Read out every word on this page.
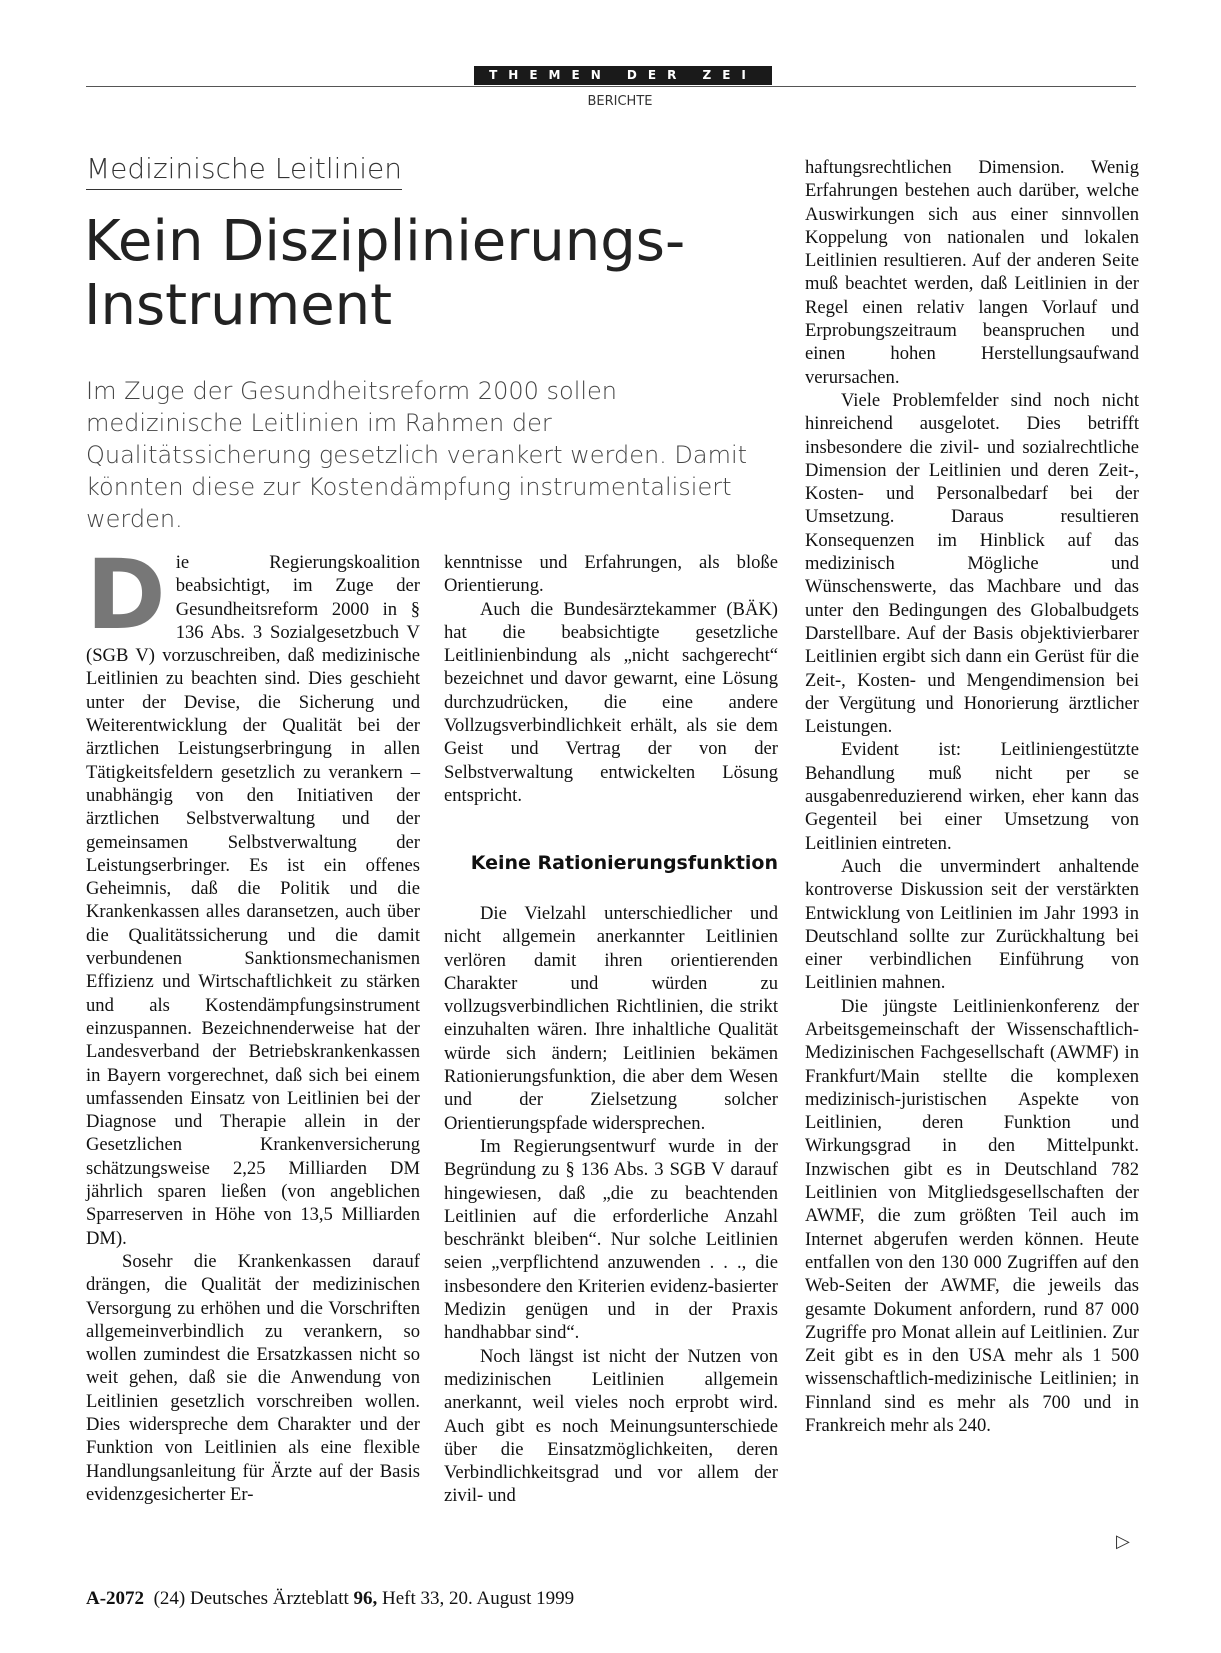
THEMEN DER ZEI
BERICHTE
Medizinische Leitlinien
Kein Disziplinierungs-
Instrument
Im Zuge der Gesundheitsreform 2000 sollen medizinische Leitlinien im Rahmen der Qualitätssicherung gesetzlich verankert werden. Damit könnten diese zur Kostendämpfung instrumentalisiert werden.

Die Regierungskoalition beabsichtigt, im Zuge der Gesundheitsreform 2000 in § 136 Abs. 3 Sozialgesetzbuch V (SGB V) vorzuschreiben, daß medizinische Leitlinien zu beachten sind. Dies geschieht unter der Devise, die Sicherung und Weiterentwicklung der Qualität bei der ärztlichen Leistungserbringung in allen Tätigkeitsfeldern gesetzlich zu verankern – unabhängig von den Initiativen der ärztlichen Selbstverwaltung und der gemeinsamen Selbstverwaltung der Leistungserbringer. Es ist ein offenes Geheimnis, daß die Politik und die Krankenkassen alles daransetzen, auch über die Qualitätssicherung und die damit verbundenen Sanktionsmechanismen Effizienz und Wirtschaftlichkeit zu stärken und als Kostendämpfungsinstrument einzuspannen. Bezeichnenderweise hat der Landesverband der Betriebskrankenkassen in Bayern vorgerechnet, daß sich bei einem umfassenden Einsatz von Leitlinien bei der Diagnose und Therapie allein in der Gesetzlichen Krankenversicherung schätzungsweise 2,25 Milliarden DM jährlich sparen ließen (von angeblichen Sparreserven in Höhe von 13,5 Milliarden DM).

Sosehr die Krankenkassen darauf drängen, die Qualität der medizinischen Versorgung zu erhöhen und die Vorschriften allgemeinverbindlich zu verankern, so wollen zumindest die Ersatzkassen nicht so weit gehen, daß sie die Anwendung von Leitlinien gesetzlich vorschreiben wollen. Dies widerspreche dem Charakter und der Funktion von Leitlinien als eine flexible Handlungsanleitung für Ärzte auf der Basis evidenzgesicherter Er-

kenntnisse und Erfahrungen, als bloße Orientierung.

Auch die Bundesärztekammer (BÄK) hat die beabsichtigte gesetzliche Leitlinienbindung als „nicht sachgerecht“ bezeichnet und davor gewarnt, eine Lösung durchzudrücken, die eine andere Vollzugsverbindlichkeit erhält, als sie dem Geist und Vertrag der von der Selbstverwaltung entwickelten Lösung entspricht.

Keine Rationierungsfunktion

Die Vielzahl unterschiedlicher und nicht allgemein anerkannter Leitlinien verlören damit ihren orientierenden Charakter und würden zu vollzugsverbindlichen Richtlinien, die strikt einzuhalten wären. Ihre inhaltliche Qualität würde sich ändern; Leitlinien bekämen Rationierungsfunktion, die aber dem Wesen und der Zielsetzung solcher Orientierungspfade widersprechen.

Im Regierungsentwurf wurde in der Begründung zu § 136 Abs. 3 SGB V darauf hingewiesen, daß „die zu beachtenden Leitlinien auf die erforderliche Anzahl beschränkt bleiben“. Nur solche Leitlinien seien „verpflichtend anzuwenden . . ., die insbesondere den Kriterien evidenz-basierter Medizin genügen und in der Praxis handhabbar sind“.

Noch längst ist nicht der Nutzen von medizinischen Leitlinien allgemein anerkannt, weil vieles noch erprobt wird. Auch gibt es noch Meinungsunterschiede über die Einsatzmöglichkeiten, deren Verbindlichkeitsgrad und vor allem der zivil- und

haftungsrechtlichen Dimension. Wenig Erfahrungen bestehen auch darüber, welche Auswirkungen sich aus einer sinnvollen Koppelung von nationalen und lokalen Leitlinien resultieren. Auf der anderen Seite muß beachtet werden, daß Leitlinien in der Regel einen relativ langen Vorlauf und Erprobungszeitraum beanspruchen und einen hohen Herstellungsaufwand verursachen.

Viele Problemfelder sind noch nicht hinreichend ausgelotet. Dies betrifft insbesondere die zivil- und sozialrechtliche Dimension der Leitlinien und deren Zeit-, Kosten- und Personalbedarf bei der Umsetzung. Daraus resultieren Konsequenzen im Hinblick auf das medizinisch Mögliche und Wünschenswerte, das Machbare und das unter den Bedingungen des Globalbudgets Darstellbare. Auf der Basis objektivierbarer Leitlinien ergibt sich dann ein Gerüst für die Zeit-, Kosten- und Mengendimension bei der Vergütung und Honorierung ärztlicher Leistungen.

Evident ist: Leitliniengestützte Behandlung muß nicht per se ausgabenreduzierend wirken, eher kann das Gegenteil bei einer Umsetzung von Leitlinien eintreten.

Auch die unvermindert anhaltende kontroverse Diskussion seit der verstärkten Entwicklung von Leitlinien im Jahr 1993 in Deutschland sollte zur Zurückhaltung bei einer verbindlichen Einführung von Leitlinien mahnen.

Die jüngste Leitlinienkonferenz der Arbeitsgemeinschaft der Wissenschaftlich-Medizinischen Fachgesellschaft (AWMF) in Frankfurt/Main stellte die komplexen medizinisch-juristischen Aspekte von Leitlinien, deren Funktion und Wirkungsgrad in den Mittelpunkt. Inzwischen gibt es in Deutschland 782 Leitlinien von Mitgliedsgesellschaften der AWMF, die zum größten Teil auch im Internet abgerufen werden können. Heute entfallen von den 130 000 Zugriffen auf den Web-Seiten der AWMF, die jeweils das gesamte Dokument anfordern, rund 87 000 Zugriffe pro Monat allein auf Leitlinien. Zur Zeit gibt es in den USA mehr als 1 500 wissenschaftlich-medizinische Leitlinien; in Finnland sind es mehr als 700 und in Frankreich mehr als 240.

▷
A-2072 (24) Deutsches Ärzteblatt 96, Heft 33, 20. August 1999
